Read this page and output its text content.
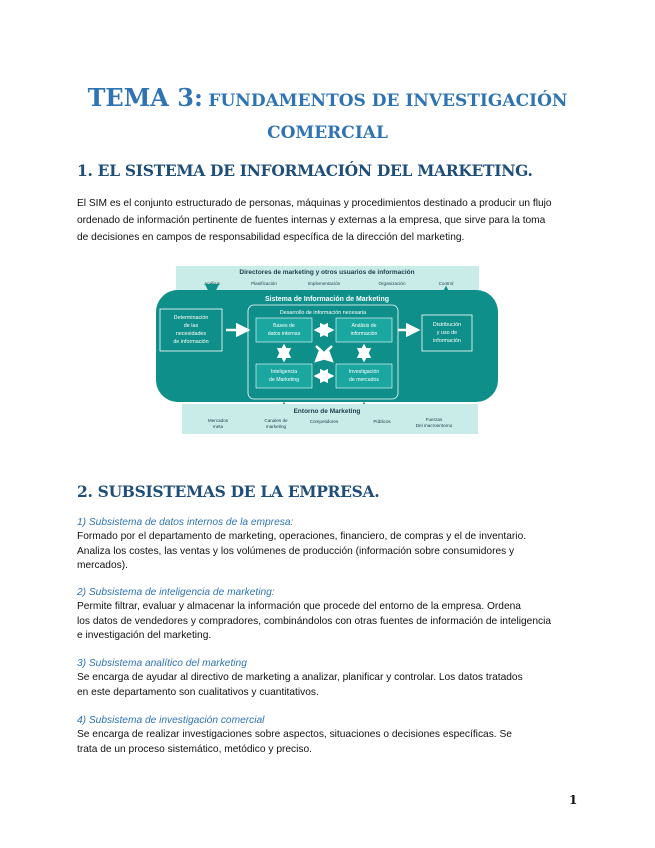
TEMA 3: FUNDAMENTOS DE INVESTIGACIÓN
COMERCIAL
1. EL SISTEMA DE INFORMACIÓN DEL MARKETING.
El SIM es el conjunto estructurado de personas, máquinas y procedimientos destinado a producir un flujo
ordenado de información pertinente de fuentes internas y externas a la empresa, que sirve para la toma
de decisiones en campos de responsabilidad específica de la dirección del marketing.
Directores de marketing y otros usuarios de información
Análisis	Planificación	Implementación	Organización	Control
Sistema de Información de Marketing
Determinación
de las
necesidades
de información
Distribución
y uso de
información
Desarrollo de información necesaria
Bases de
datos internas
Análisis de
información
Inteligencia
de Marketing
Investigación
de mercados
Entorno de Marketing
Mercados
meta
Canales de
marketing
Competidores	Públicos	Fuerzas
Del macroentorno
2. SUBSISTEMAS DE LA EMPRESA.
1) Subsistema de datos internos de la empresa:
Formado por el departamento de marketing, operaciones, financiero, de compras y el de inventario.
Analiza los costes, las ventas y los volúmenes de producción (información sobre consumidores y
mercados).
2) Subsistema de inteligencia de marketing:
Permite filtrar, evaluar y almacenar la información que procede del entorno de la empresa. Ordena
los datos de vendedores y compradores, combinándolos con otras fuentes de información de inteligencia
e investigación del marketing.
3) Subsistema analítico del marketing
Se encarga de ayudar al directivo de marketing a analizar, planificar y controlar. Los datos tratados
en este departamento son cualitativos y cuantitativos.
4) Subsistema de investigación comercial
Se encarga de realizar investigaciones sobre aspectos, situaciones o decisiones específicas. Se
trata de un proceso sistemático, metódico y preciso.
1
